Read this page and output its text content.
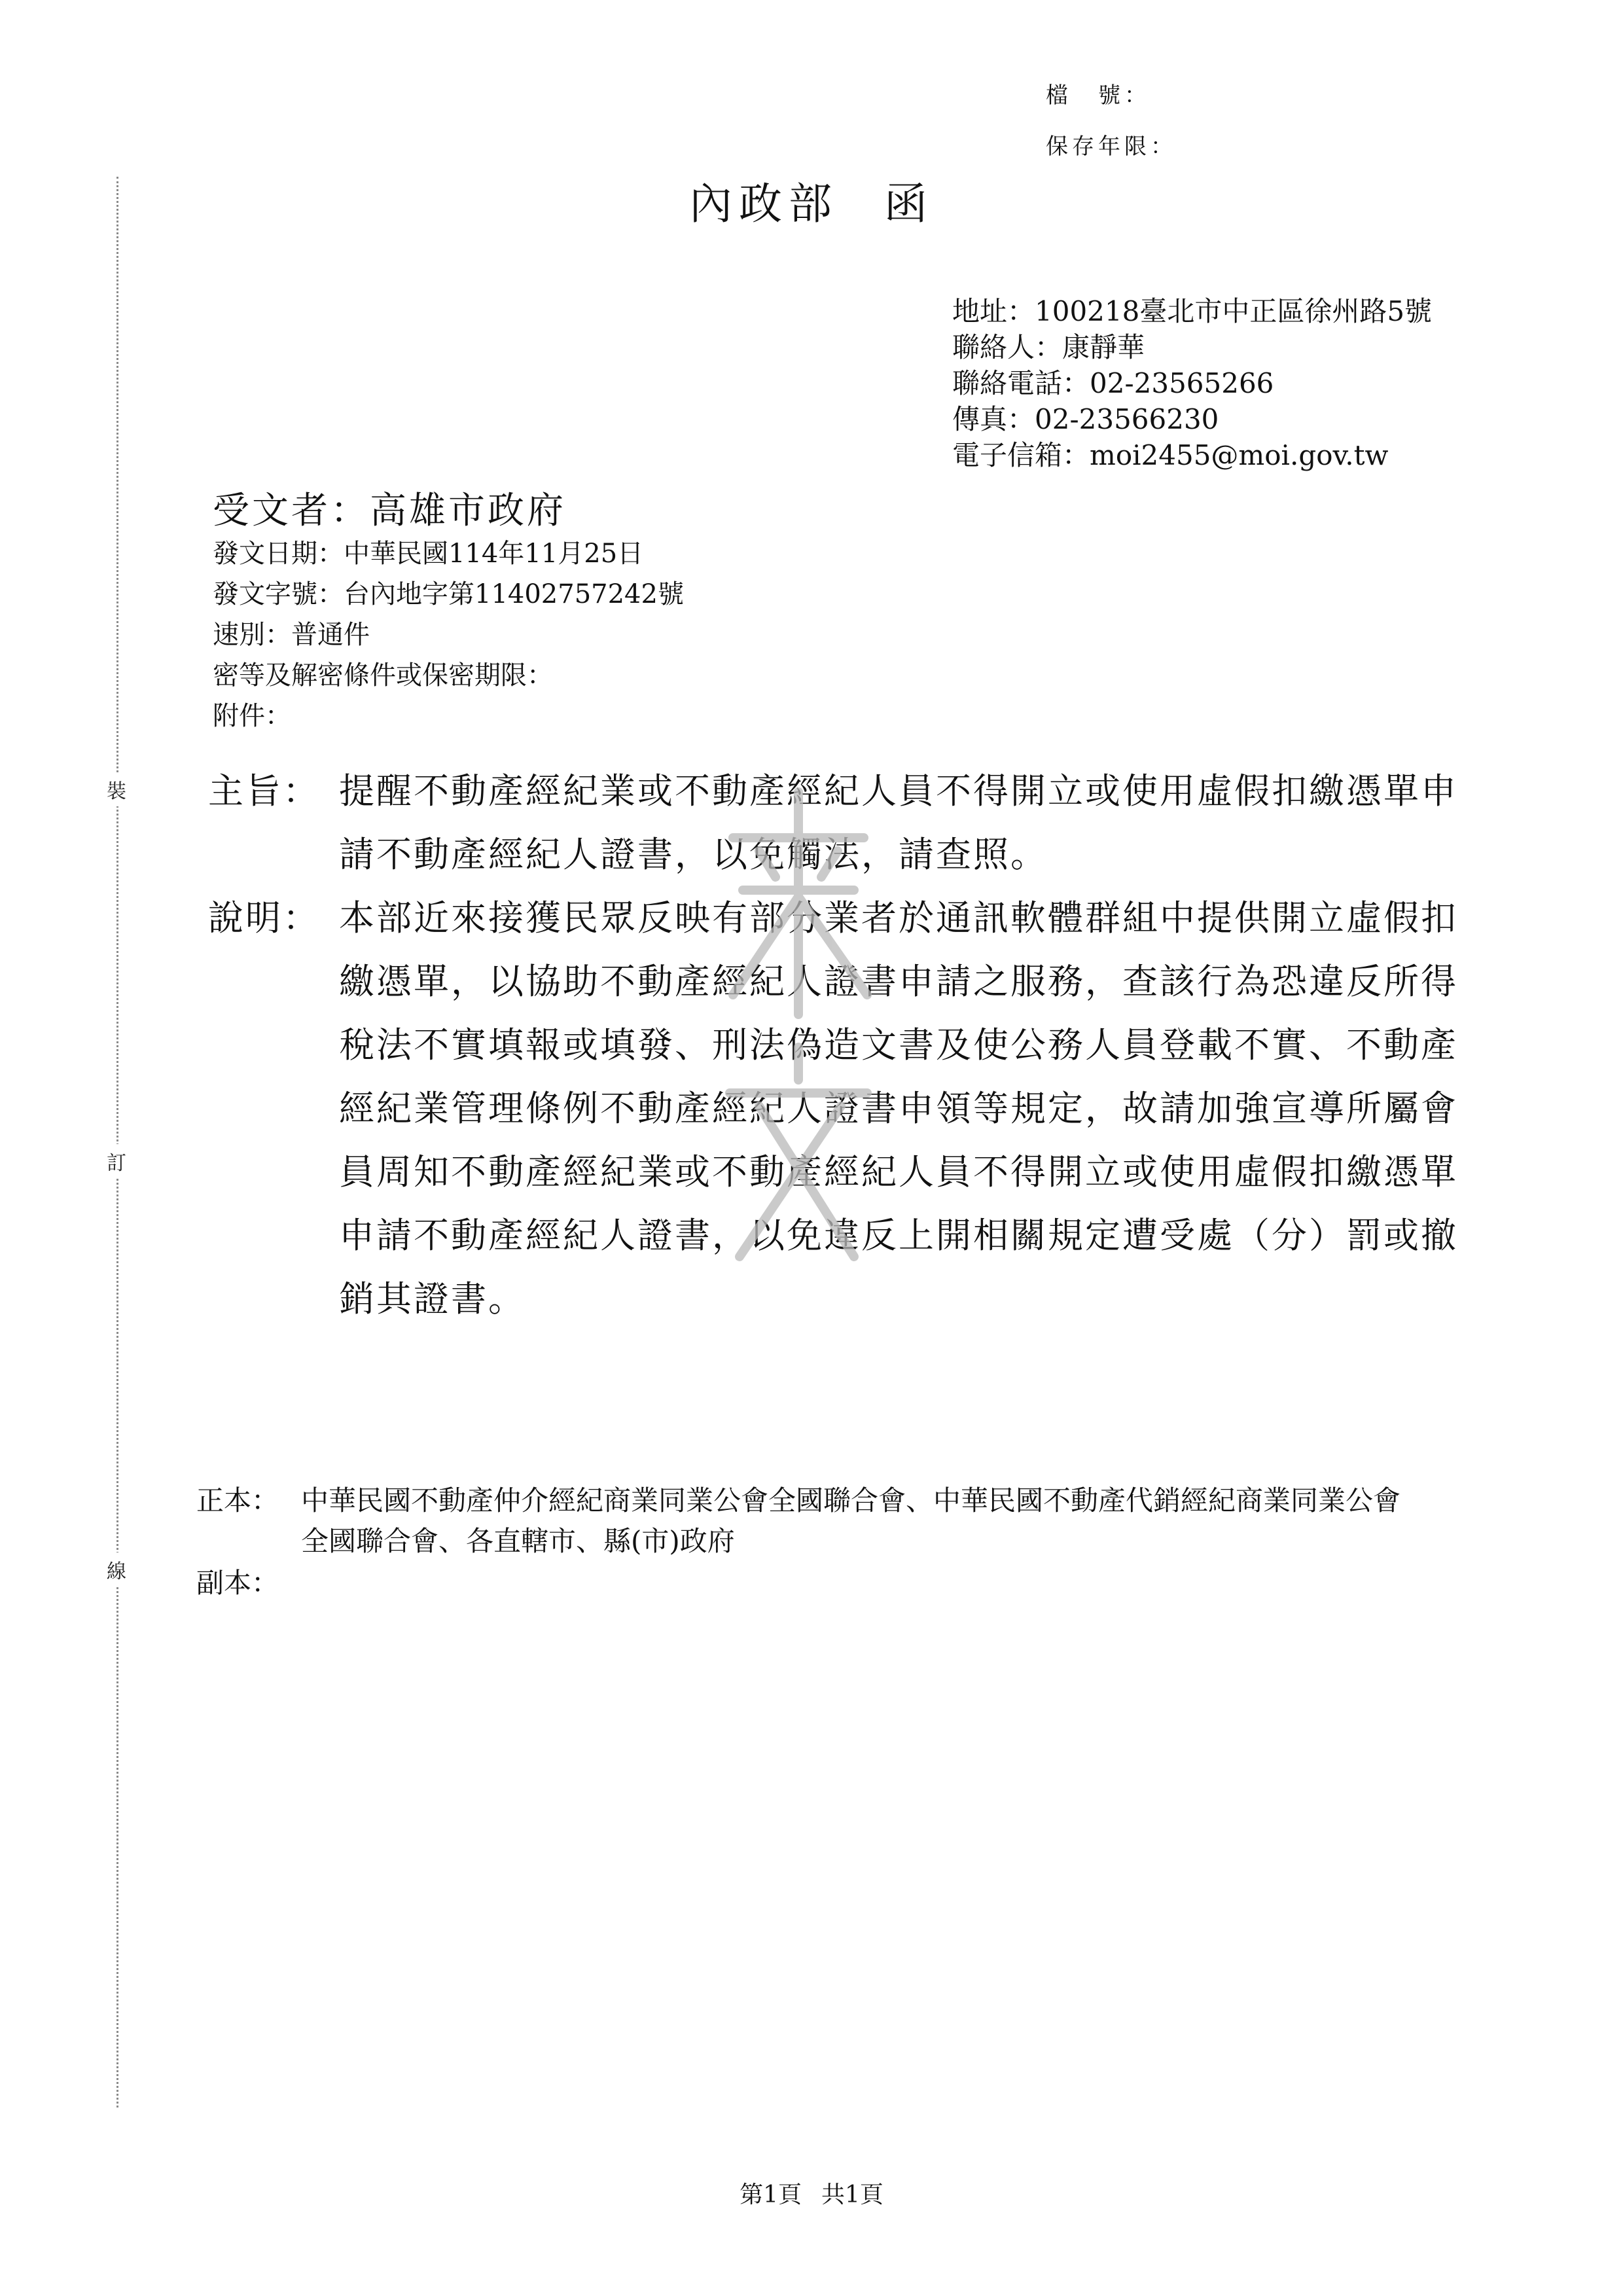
裝
訂
線
檔　號：
保存年限：
內政部 函
地址：100218臺北市中正區徐州路5號
聯絡人：康靜華
聯絡電話：02-23565266
傳真：02-23566230
電子信箱：moi2455@moi.gov.tw
受文者：高雄市政府
發文日期：中華民國114年11月25日
發文字號：台內地字第11402757242號
速別：普通件
密等及解密條件或保密期限：
附件：
主旨： 提醒不動產經紀業或不動產經紀人員不得開立或使用虛假扣繳憑單申請不動產經紀人證書，以免觸法，請查照。
說明： 本部近來接獲民眾反映有部分業者於通訊軟體群組中提供開立虛假扣繳憑單，以協助不動產經紀人證書申請之服務，查該行為恐違反所得稅法不實填報或填發、刑法偽造文書及使公務人員登載不實、不動產經紀業管理條例不動產經紀人證書申領等規定，故請加強宣導所屬會員周知不動產經紀業或不動產經紀人員不得開立或使用虛假扣繳憑單申請不動產經紀人證書，以免違反上開相關規定遭受處（分）罰或撤銷其證書。
正本： 中華民國不動產仲介經紀商業同業公會全國聯合會、中華民國不動產代銷經紀商業同業公會全國聯合會、各直轄市、縣(市)政府
副本：
第1頁 共1頁
